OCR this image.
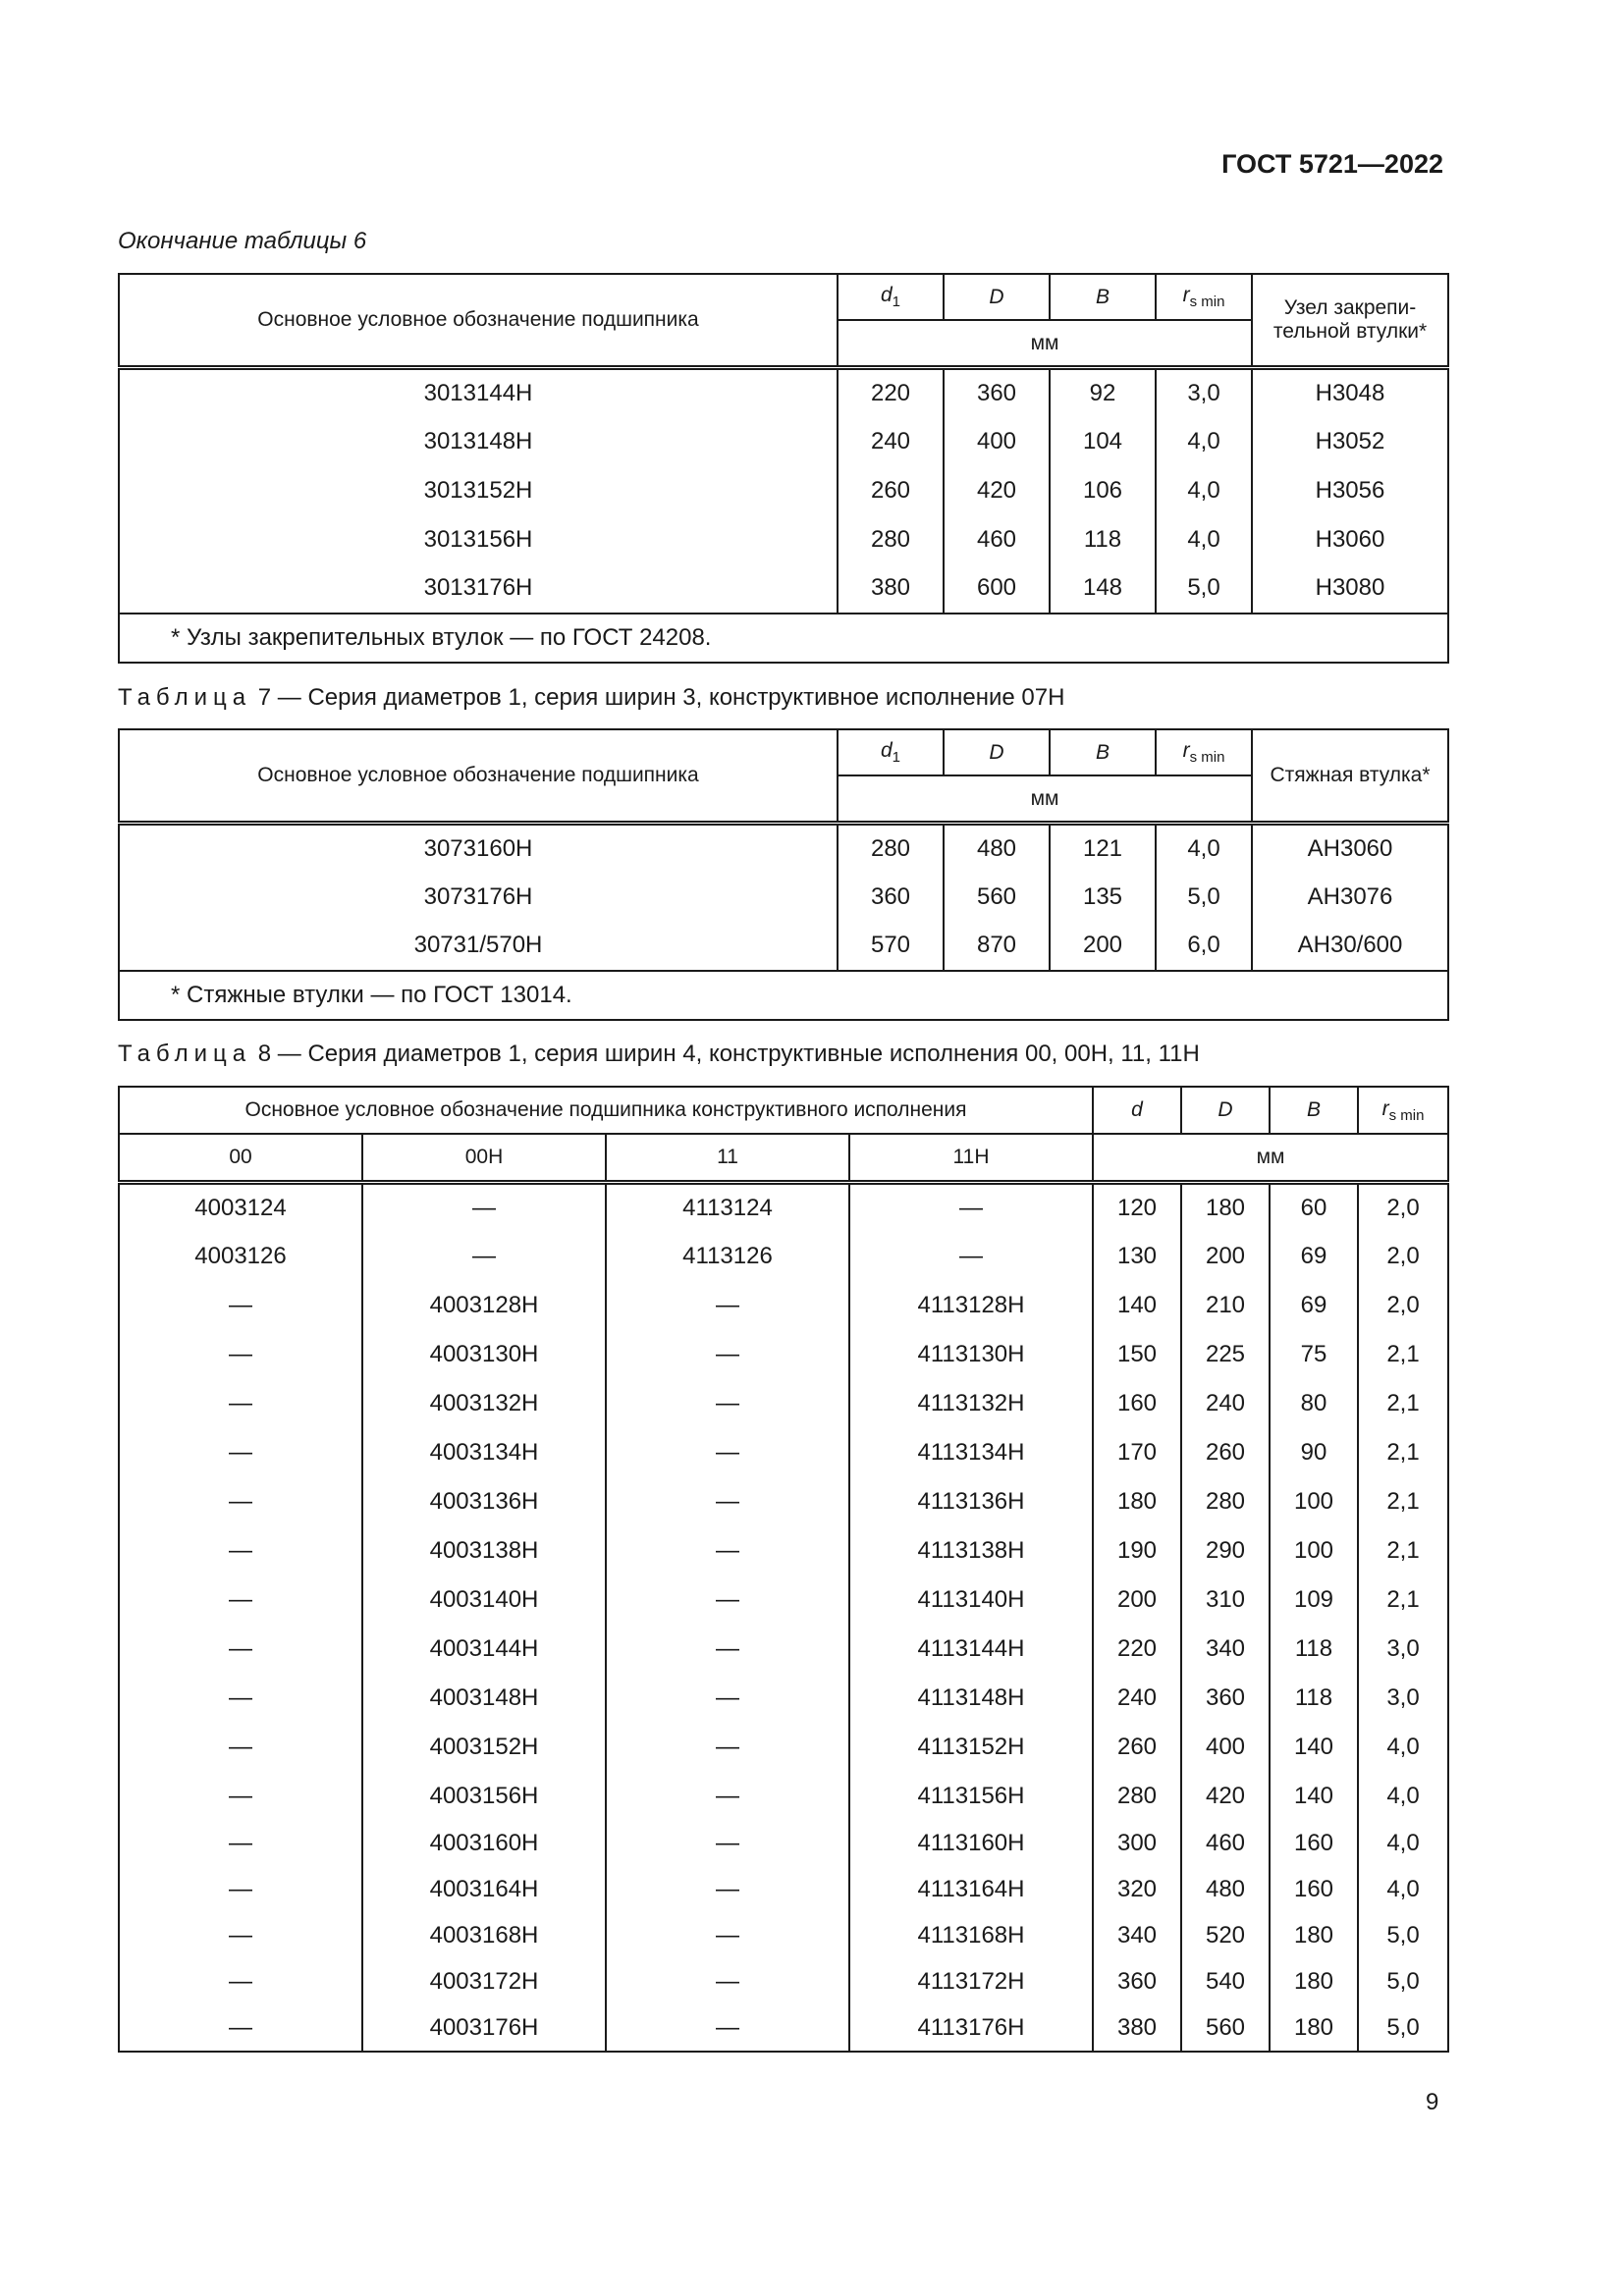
ГОСТ 5721—2022

Окончание таблицы 6

Основное условное обозначение подшипника	$d_1$	D	B	$r_{s min}$	Узел закрепи-тельной втулки*
	мм				
3013144H	220	360	92	3,0	H3048
3013148H	240	400	104	4,0	H3052
3013152H	260	420	106	4,0	H3056
3013156H	280	460	118	4,0	H3060
3013176H	380	600	148	5,0	H3080
* Узлы закрепительных втулок — по ГОСТ 24208.					

Таблица 7 — Серия диаметров 1, серия ширин 3, конструктивное исполнение 07Н

Основное условное обозначение подшипника	$d_1$	D	B	$r_{s min}$	Стяжная втулка*
	мм				
3073160H	280	480	121	4,0	AH3060
3073176H	360	560	135	5,0	AH3076
30731/570H	570	870	200	6,0	AH30/600
* Стяжные втулки — по ГОСТ 13014.					

Таблица 8 — Серия диаметров 1, серия ширин 4, конструктивные исполнения 00, 00Н, 11, 11Н

Основное условное обозначение подшипника конструктивного исполнения				d	D	B	$r_{s min}$
00	00H	11	11H	мм			
4003124	—	4113124	—	120	180	60	2,0
4003126	—	4113126	—	130	200	69	2,0
—	4003128H	—	4113128H	140	210	69	2,0
—	4003130H	—	4113130H	150	225	75	2,1
—	4003132H	—	4113132H	160	240	80	2,1
—	4003134H	—	4113134H	170	260	90	2,1
—	4003136H	—	4113136H	180	280	100	2,1
—	4003138H	—	4113138H	190	290	100	2,1
—	4003140H	—	4113140H	200	310	109	2,1
—	4003144H	—	4113144H	220	340	118	3,0
—	4003148H	—	4113148H	240	360	118	3,0
—	4003152H	—	4113152H	260	400	140	4,0
—	4003156H	—	4113156H	280	420	140	4,0
—	4003160H	—	4113160H	300	460	160	4,0
—	4003164H	—	4113164H	320	480	160	4,0
—	4003168H	—	4113168H	340	520	180	5,0
—	4003172H	—	4113172H	360	540	180	5,0
—	4003176H	—	4113176H	380	560	180	5,0
9
